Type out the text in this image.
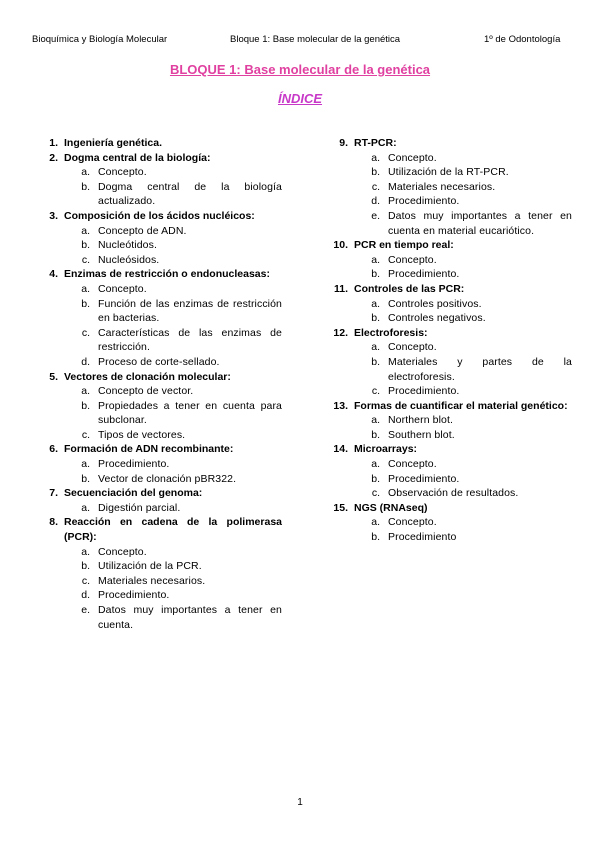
Bioquímica y Biología Molecular	Bloque 1: Base molecular de la genética	1º de Odontología
BLOQUE 1: Base molecular de la genética
ÍNDICE
1. Ingeniería genética.
2. Dogma central de la biología:
a. Concepto.
b. Dogma central de la biología actualizado.
3. Composición de los ácidos nucléicos:
a. Concepto de ADN.
b. Nucleótidos.
c. Nucleósidos.
4. Enzimas de restricción o endonucleasas:
a. Concepto.
b. Función de las enzimas de restricción en bacterias.
c. Características de las enzimas de restricción.
d. Proceso de corte-sellado.
5. Vectores de clonación molecular:
a. Concepto de vector.
b. Propiedades a tener en cuenta para subclonar.
c. Tipos de vectores.
6. Formación de ADN recombinante:
a. Procedimiento.
b. Vector de clonación pBR322.
7. Secuenciación del genoma:
a. Digestión parcial.
8. Reacción en cadena de la polimerasa (PCR):
a. Concepto.
b. Utilización de la PCR.
c. Materiales necesarios.
d. Procedimiento.
e. Datos muy importantes a tener en cuenta.
9. RT-PCR:
a. Concepto.
b. Utilización de la RT-PCR.
c. Materiales necesarios.
d. Procedimiento.
e. Datos muy importantes a tener en cuenta en material eucariótico.
10. PCR en tiempo real:
a. Concepto.
b. Procedimiento.
11. Controles de las PCR:
a. Controles positivos.
b. Controles negativos.
12. Electroforesis:
a. Concepto.
b. Materiales y partes de la electroforesis.
c. Procedimiento.
13. Formas de cuantificar el material genético:
a. Northern blot.
b. Southern blot.
14. Microarrays:
a. Concepto.
b. Procedimiento.
c. Observación de resultados.
15. NGS (RNAseq)
a. Concepto.
b. Procedimiento
1
